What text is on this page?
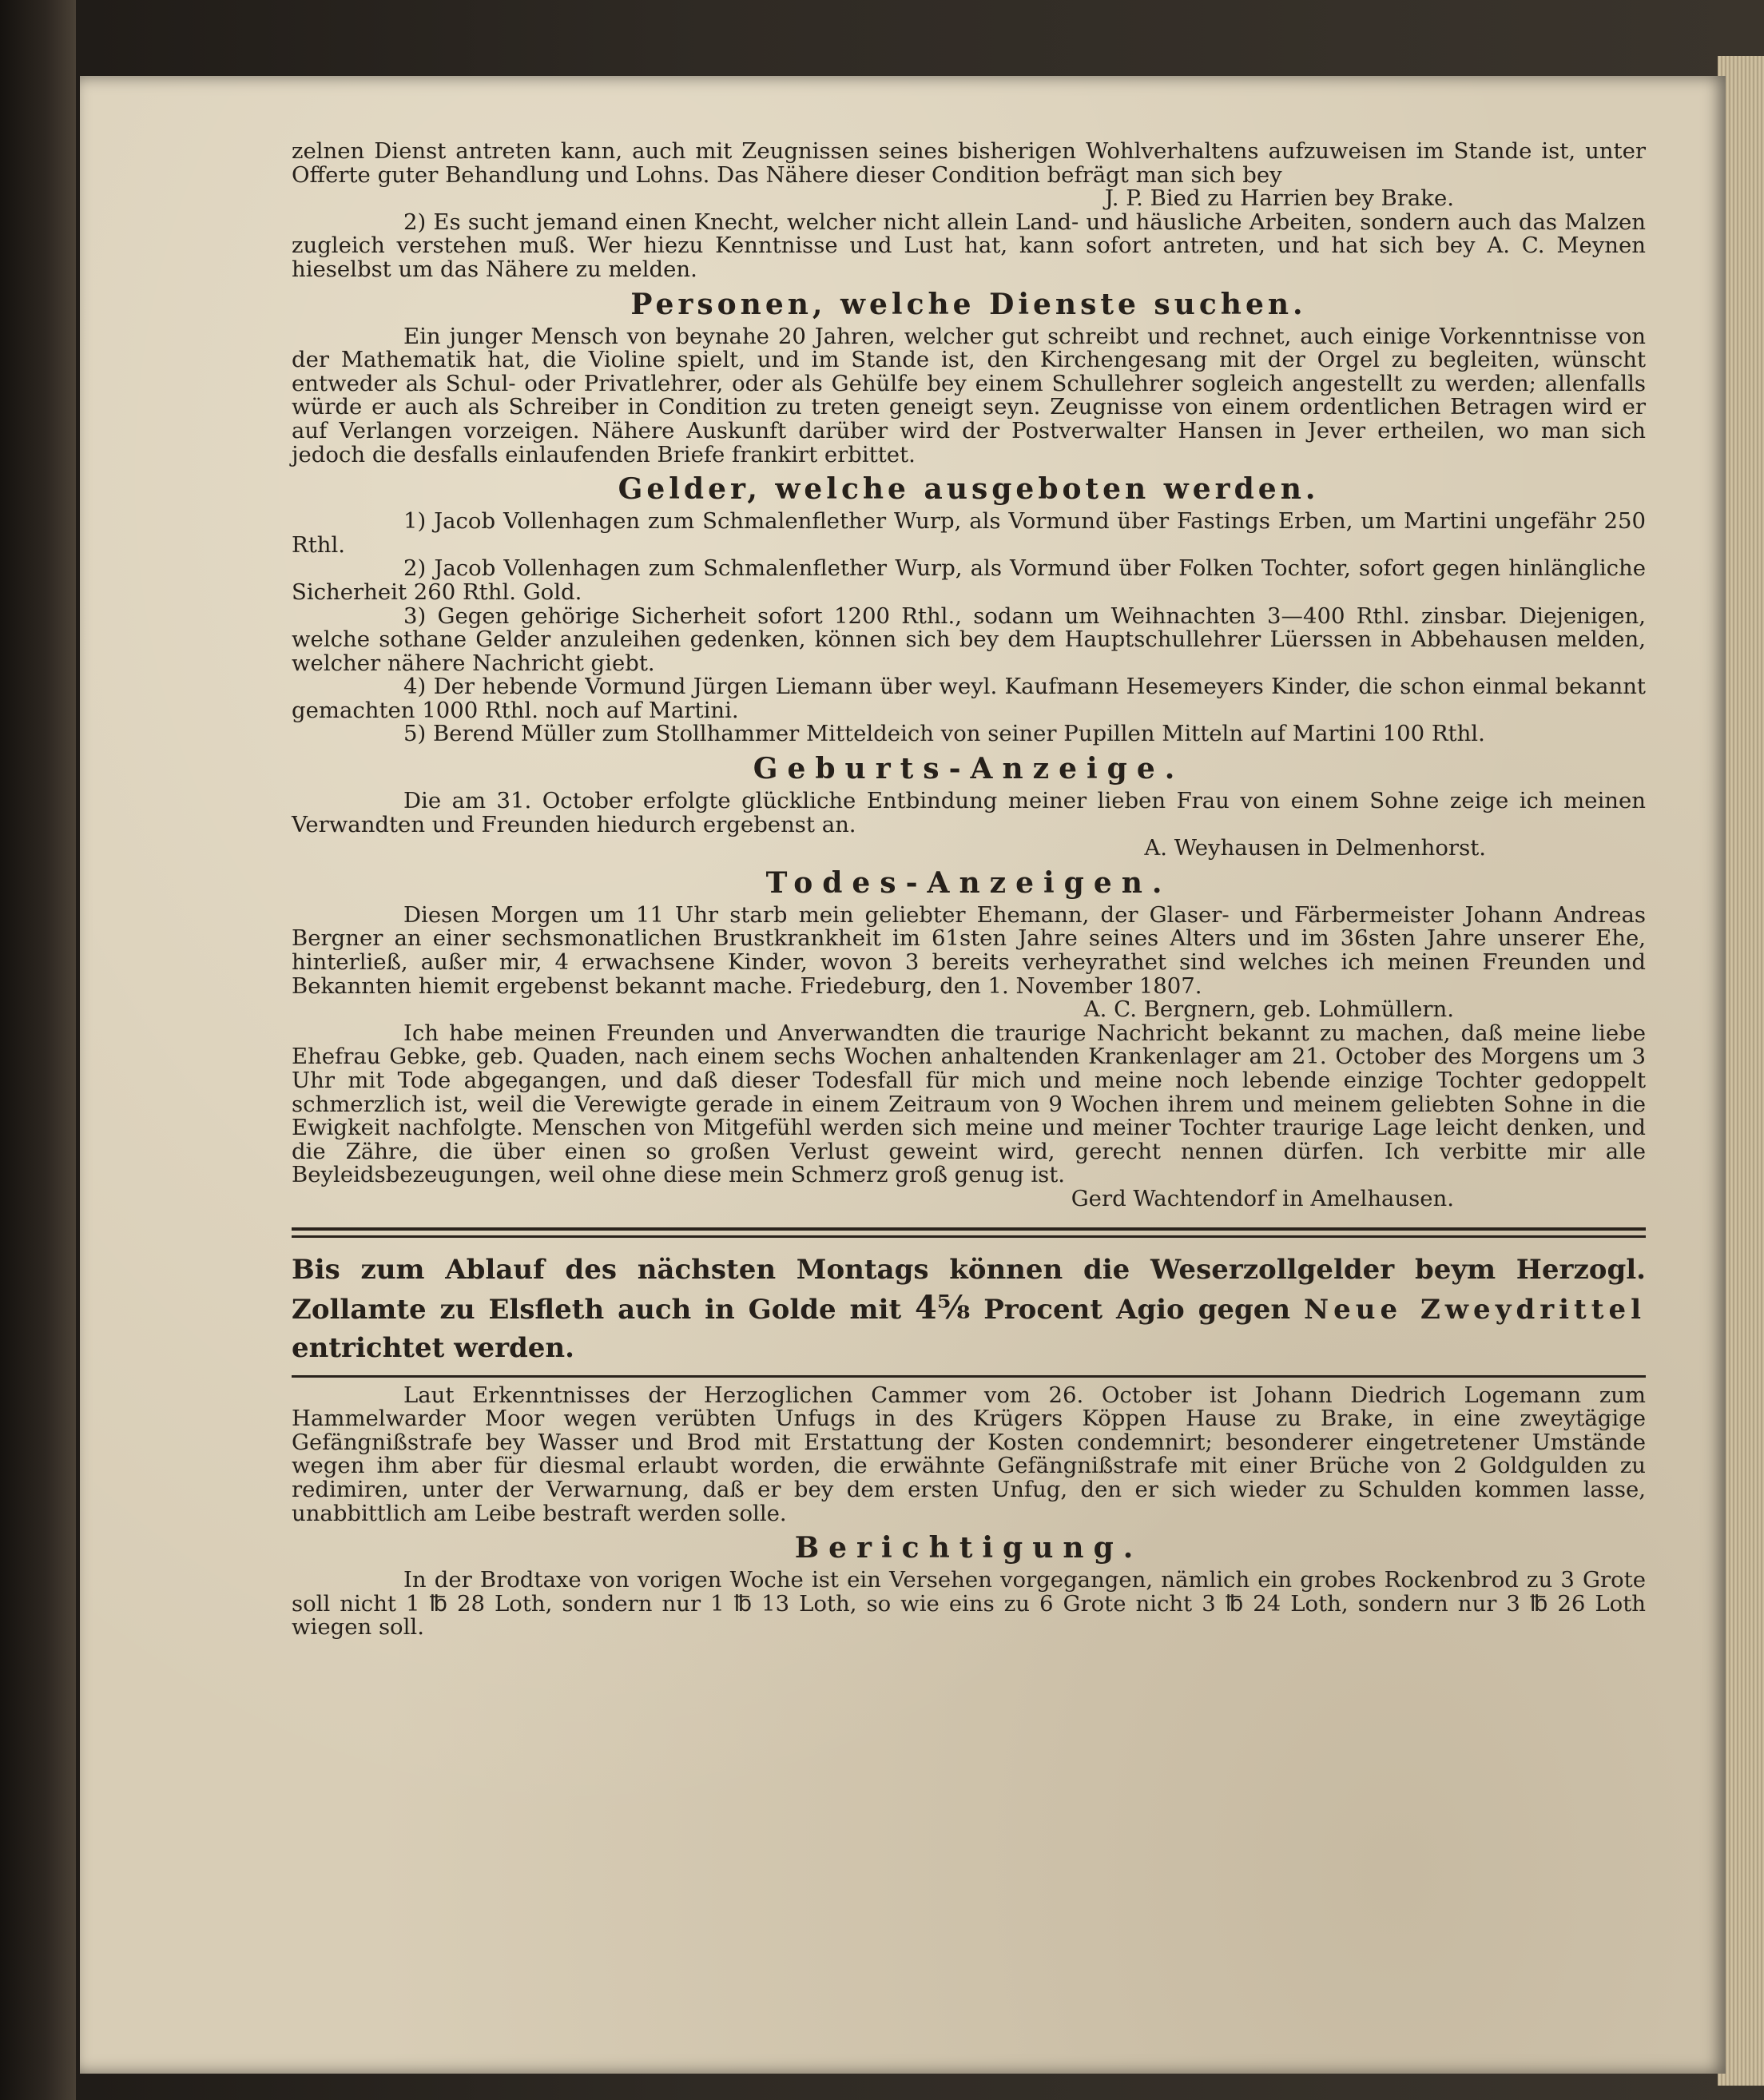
zelnen Dienst antreten kann, auch mit Zeugnissen seines bisherigen Wohlverhaltens aufzuweisen im Stande ist, unter Offerte guter Behandlung und Lohns. Das Nähere dieser Condition befrägt man sich bey

J. P. Bied zu Harrien bey Brake.

2) Es sucht jemand einen Knecht, welcher nicht allein Land- und häusliche Arbeiten, sondern auch das Malzen zugleich verstehen muß. Wer hiezu Kenntnisse und Lust hat, kann sofort antreten, und hat sich bey A. C. Meynen hieselbst um das Nähere zu melden.

Personen, welche Dienste suchen.

Ein junger Mensch von beynahe 20 Jahren, welcher gut schreibt und rechnet, auch einige Vorkenntnisse von der Mathematik hat, die Violine spielt, und im Stande ist, den Kirchengesang mit der Orgel zu begleiten, wünscht entweder als Schul- oder Privatlehrer, oder als Gehülfe bey einem Schullehrer sogleich angestellt zu werden; allenfalls würde er auch als Schreiber in Condition zu treten geneigt seyn. Zeugnisse von einem ordentlichen Betragen wird er auf Verlangen vorzeigen. Nähere Auskunft darüber wird der Postverwalter Hansen in Jever ertheilen, wo man sich jedoch die desfalls einlaufenden Briefe frankirt erbittet.

Gelder, welche ausgeboten werden.

1) Jacob Vollenhagen zum Schmalenflether Wurp, als Vormund über Fastings Erben, um Martini ungefähr 250 Rthl.

2) Jacob Vollenhagen zum Schmalenflether Wurp, als Vormund über Folken Tochter, sofort gegen hinlängliche Sicherheit 260 Rthl. Gold.

3) Gegen gehörige Sicherheit sofort 1200 Rthl., sodann um Weihnachten 3—400 Rthl. zinsbar. Diejenigen, welche sothane Gelder anzuleihen gedenken, können sich bey dem Hauptschullehrer Lüerssen in Abbehausen melden, welcher nähere Nachricht giebt.

4) Der hebende Vormund Jürgen Liemann über weyl. Kaufmann Hesemeyers Kinder, die schon einmal bekannt gemachten 1000 Rthl. noch auf Martini.

5) Berend Müller zum Stollhammer Mitteldeich von seiner Pupillen Mitteln auf Martini 100 Rthl.

Geburts-Anzeige.

Die am 31. October erfolgte glückliche Entbindung meiner lieben Frau von einem Sohne zeige ich meinen Verwandten und Freunden hiedurch ergebenst an.

A. Weyhausen in Delmenhorst.

Todes-Anzeigen.

Diesen Morgen um 11 Uhr starb mein geliebter Ehemann, der Glaser- und Färbermeister Johann Andreas Bergner an einer sechsmonatlichen Brustkrankheit im 61sten Jahre seines Alters und im 36sten Jahre unserer Ehe, hinterließ, außer mir, 4 erwachsene Kinder, wovon 3 bereits verheyrathet sind welches ich meinen Freunden und Bekannten hiemit ergebenst bekannt mache. Friedeburg, den 1. November 1807.

A. C. Bergnern, geb. Lohmüllern.

Ich habe meinen Freunden und Anverwandten die traurige Nachricht bekannt zu machen, daß meine liebe Ehefrau Gebke, geb. Quaden, nach einem sechs Wochen anhaltenden Krankenlager am 21. October des Morgens um 3 Uhr mit Tode abgegangen, und daß dieser Todesfall für mich und meine noch lebende einzige Tochter gedoppelt schmerzlich ist, weil die Verewigte gerade in einem Zeitraum von 9 Wochen ihrem und meinem geliebten Sohne in die Ewigkeit nachfolgte. Menschen von Mitgefühl werden sich meine und meiner Tochter traurige Lage leicht denken, und die Zähre, die über einen so großen Verlust geweint wird, gerecht nennen dürfen. Ich verbitte mir alle Beyleidsbezeugungen, weil ohne diese mein Schmerz groß genug ist.

Gerd Wachtendorf in Amelhausen.

Bis zum Ablauf des nächsten Montags können die Weserzollgelder beym Herzogl. Zollamte zu Elsfleth auch in Golde mit 4⅝ Procent Agio gegen Neue Zweydrittel entrichtet werden.

Laut Erkenntnisses der Herzoglichen Cammer vom 26. October ist Johann Diedrich Logemann zum Hammelwarder Moor wegen verübten Unfugs in des Krügers Köppen Hause zu Brake, in eine zweytägige Gefängnißstrafe bey Wasser und Brod mit Erstattung der Kosten condemnirt; besonderer eingetretener Umstände wegen ihm aber für diesmal erlaubt worden, die erwähnte Gefängnißstrafe mit einer Brüche von 2 Goldgulden zu redimiren, unter der Verwarnung, daß er bey dem ersten Unfug, den er sich wieder zu Schulden kommen lasse, unabbittlich am Leibe bestraft werden solle.

Berichtigung.

In der Brodtaxe von vorigen Woche ist ein Versehen vorgegangen, nämlich ein grobes Rockenbrod zu 3 Grote soll nicht 1 ℔ 28 Loth, sondern nur 1 ℔ 13 Loth, so wie eins zu 6 Grote nicht 3 ℔ 24 Loth, sondern nur 3 ℔ 26 Loth wiegen soll.
